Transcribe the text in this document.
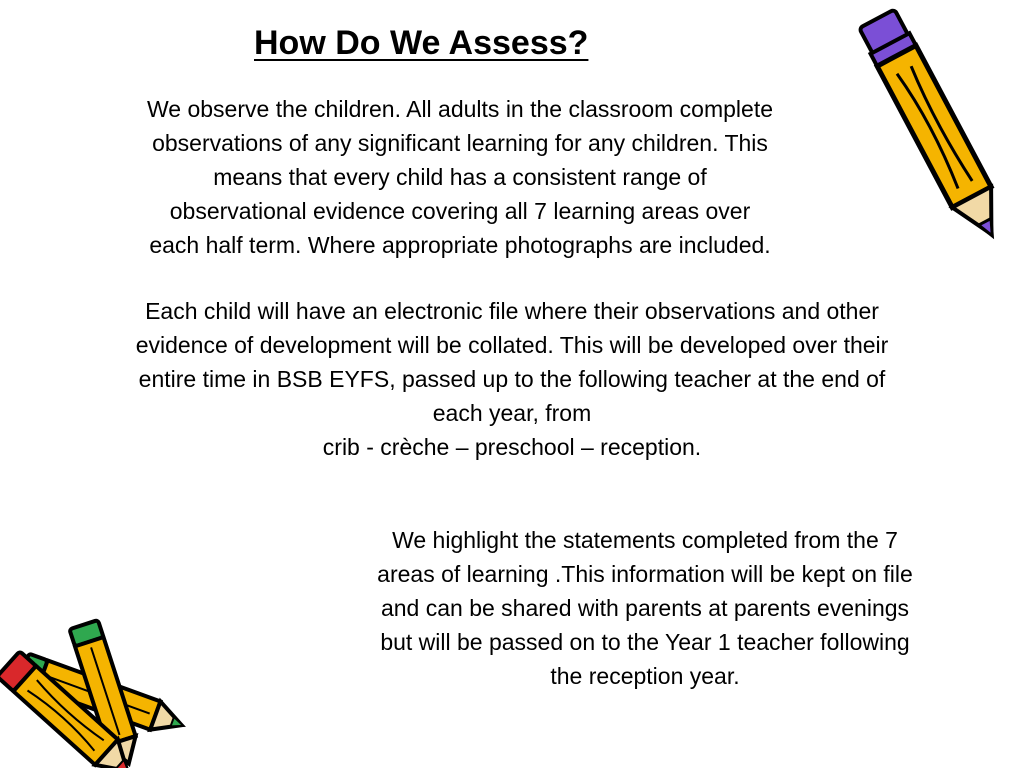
How Do We Assess?
We observe the children. All adults in the classroom complete
observations of any significant learning for any children. This
means that every child has a consistent range of
observational evidence covering all 7 learning areas over
each half term. Where appropriate photographs are included.
Each child will have an electronic file where their observations and other
evidence of development will be collated. This will be developed over their
entire time in BSB EYFS, passed up to the following teacher at the end of
each year, from
crib - crèche – preschool – reception.
We highlight the statements completed from the 7
areas of learning .This information will be kept on file
and can be shared with parents at parents evenings
but will be passed on to the Year 1 teacher following
the reception year.
